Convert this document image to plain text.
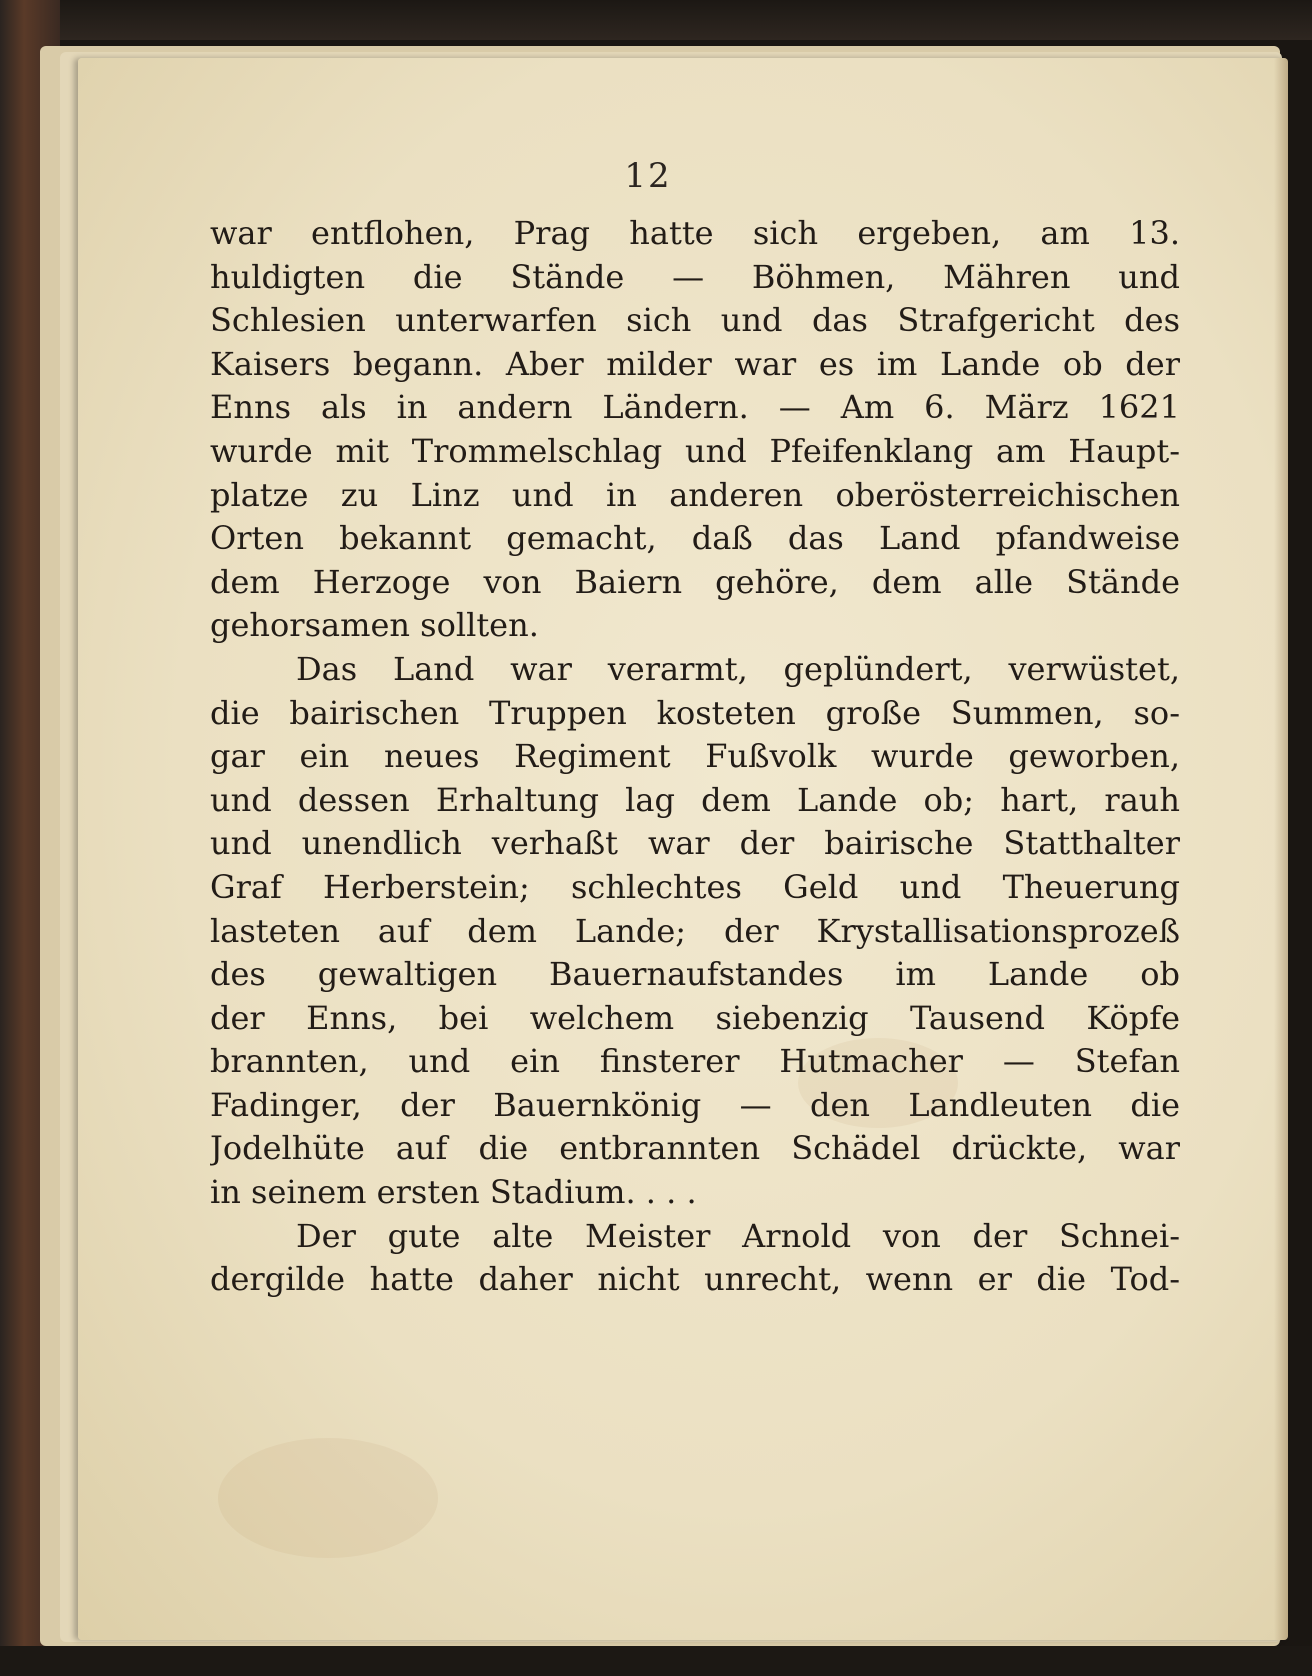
12
war entflohen, Prag hatte sich ergeben, am 13.
huldigten die Stände — Böhmen, Mähren und
Schlesien unterwarfen sich und das Strafgericht des
Kaisers begann. Aber milder war es im Lande ob der
Enns als in andern Ländern. — Am 6. März 1621
wurde mit Trommelschlag und Pfeifenklang am Haupt-
platze zu Linz und in anderen oberösterreichischen
Orten bekannt gemacht, daß das Land pfandweise
dem Herzoge von Baiern gehöre, dem alle Stände
gehorsamen sollten.
Das Land war verarmt, geplündert, verwüstet,
die bairischen Truppen kosteten große Summen, so-
gar ein neues Regiment Fußvolk wurde geworben,
und dessen Erhaltung lag dem Lande ob; hart, rauh
und unendlich verhaßt war der bairische Statthalter
Graf Herberstein; schlechtes Geld und Theuerung
lasteten auf dem Lande; der Krystallisationsprozeß
des gewaltigen Bauernaufstandes im Lande ob
der Enns, bei welchem siebenzig Tausend Köpfe
brannten, und ein finsterer Hutmacher — Stefan
Fadinger, der Bauernkönig — den Landleuten die
Jodelhüte auf die entbrannten Schädel drückte, war
in seinem ersten Stadium. . . .
Der gute alte Meister Arnold von der Schnei-
dergilde hatte daher nicht unrecht, wenn er die Tod-
